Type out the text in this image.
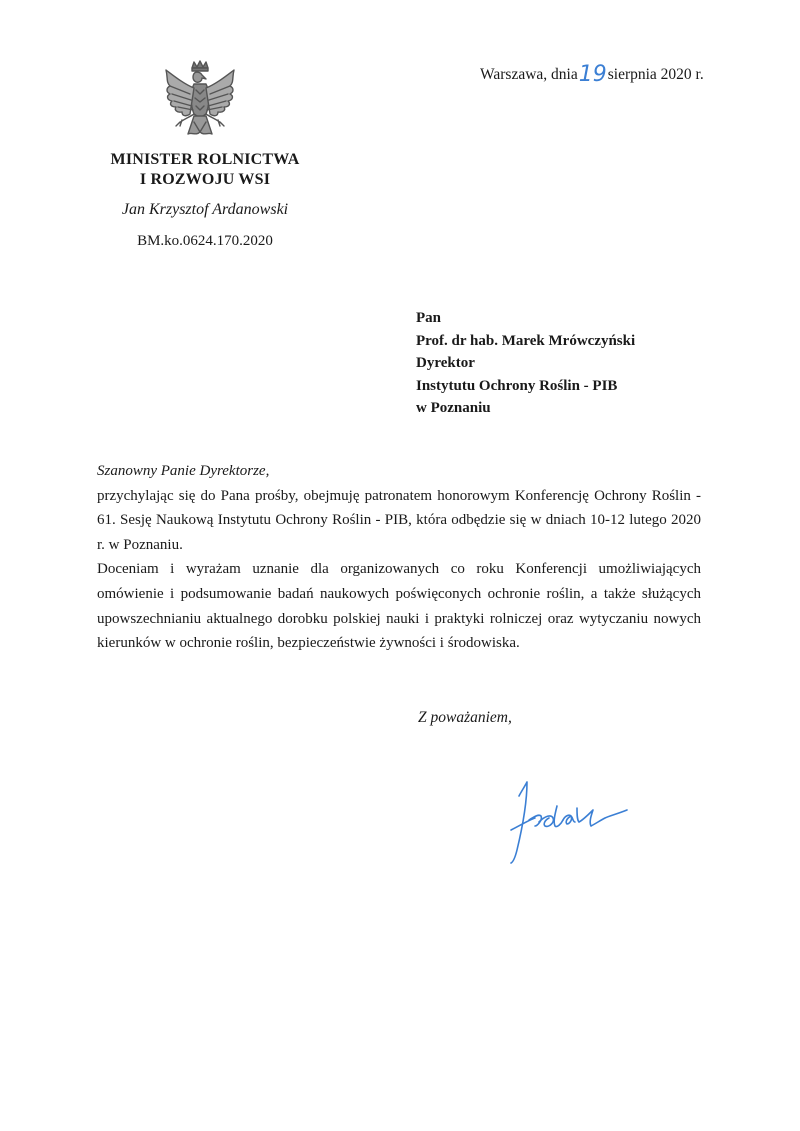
Warszawa, dnia19sierpnia 2020 r.
MINISTER ROLNICTWA
I ROZWOJU WSI
Jan Krzysztof Ardanowski
BM.ko.0624.170.2020
Pan
Prof. dr hab. Marek Mrówczyński
Dyrektor
Instytutu Ochrony Roślin - PIB
w Poznaniu
Szanowny Panie Dyrektorze,

przychylając się do Pana prośby, obejmuję patronatem honorowym Konferencję Ochrony Roślin - 61. Sesję Naukową Instytutu Ochrony Roślin - PIB, która odbędzie się w dniach 10-12 lutego 2020 r. w Poznaniu.

Doceniam i wyrażam uznanie dla organizowanych co roku Konferencji umożliwiających omówienie i podsumowanie badań naukowych poświęconych ochronie roślin, a także służących upowszechnianiu aktualnego dorobku polskiej nauki i praktyki rolniczej oraz wytyczaniu nowych kierunków w ochronie roślin, bezpieczeństwie żywności i środowiska.

Z poważaniem,
